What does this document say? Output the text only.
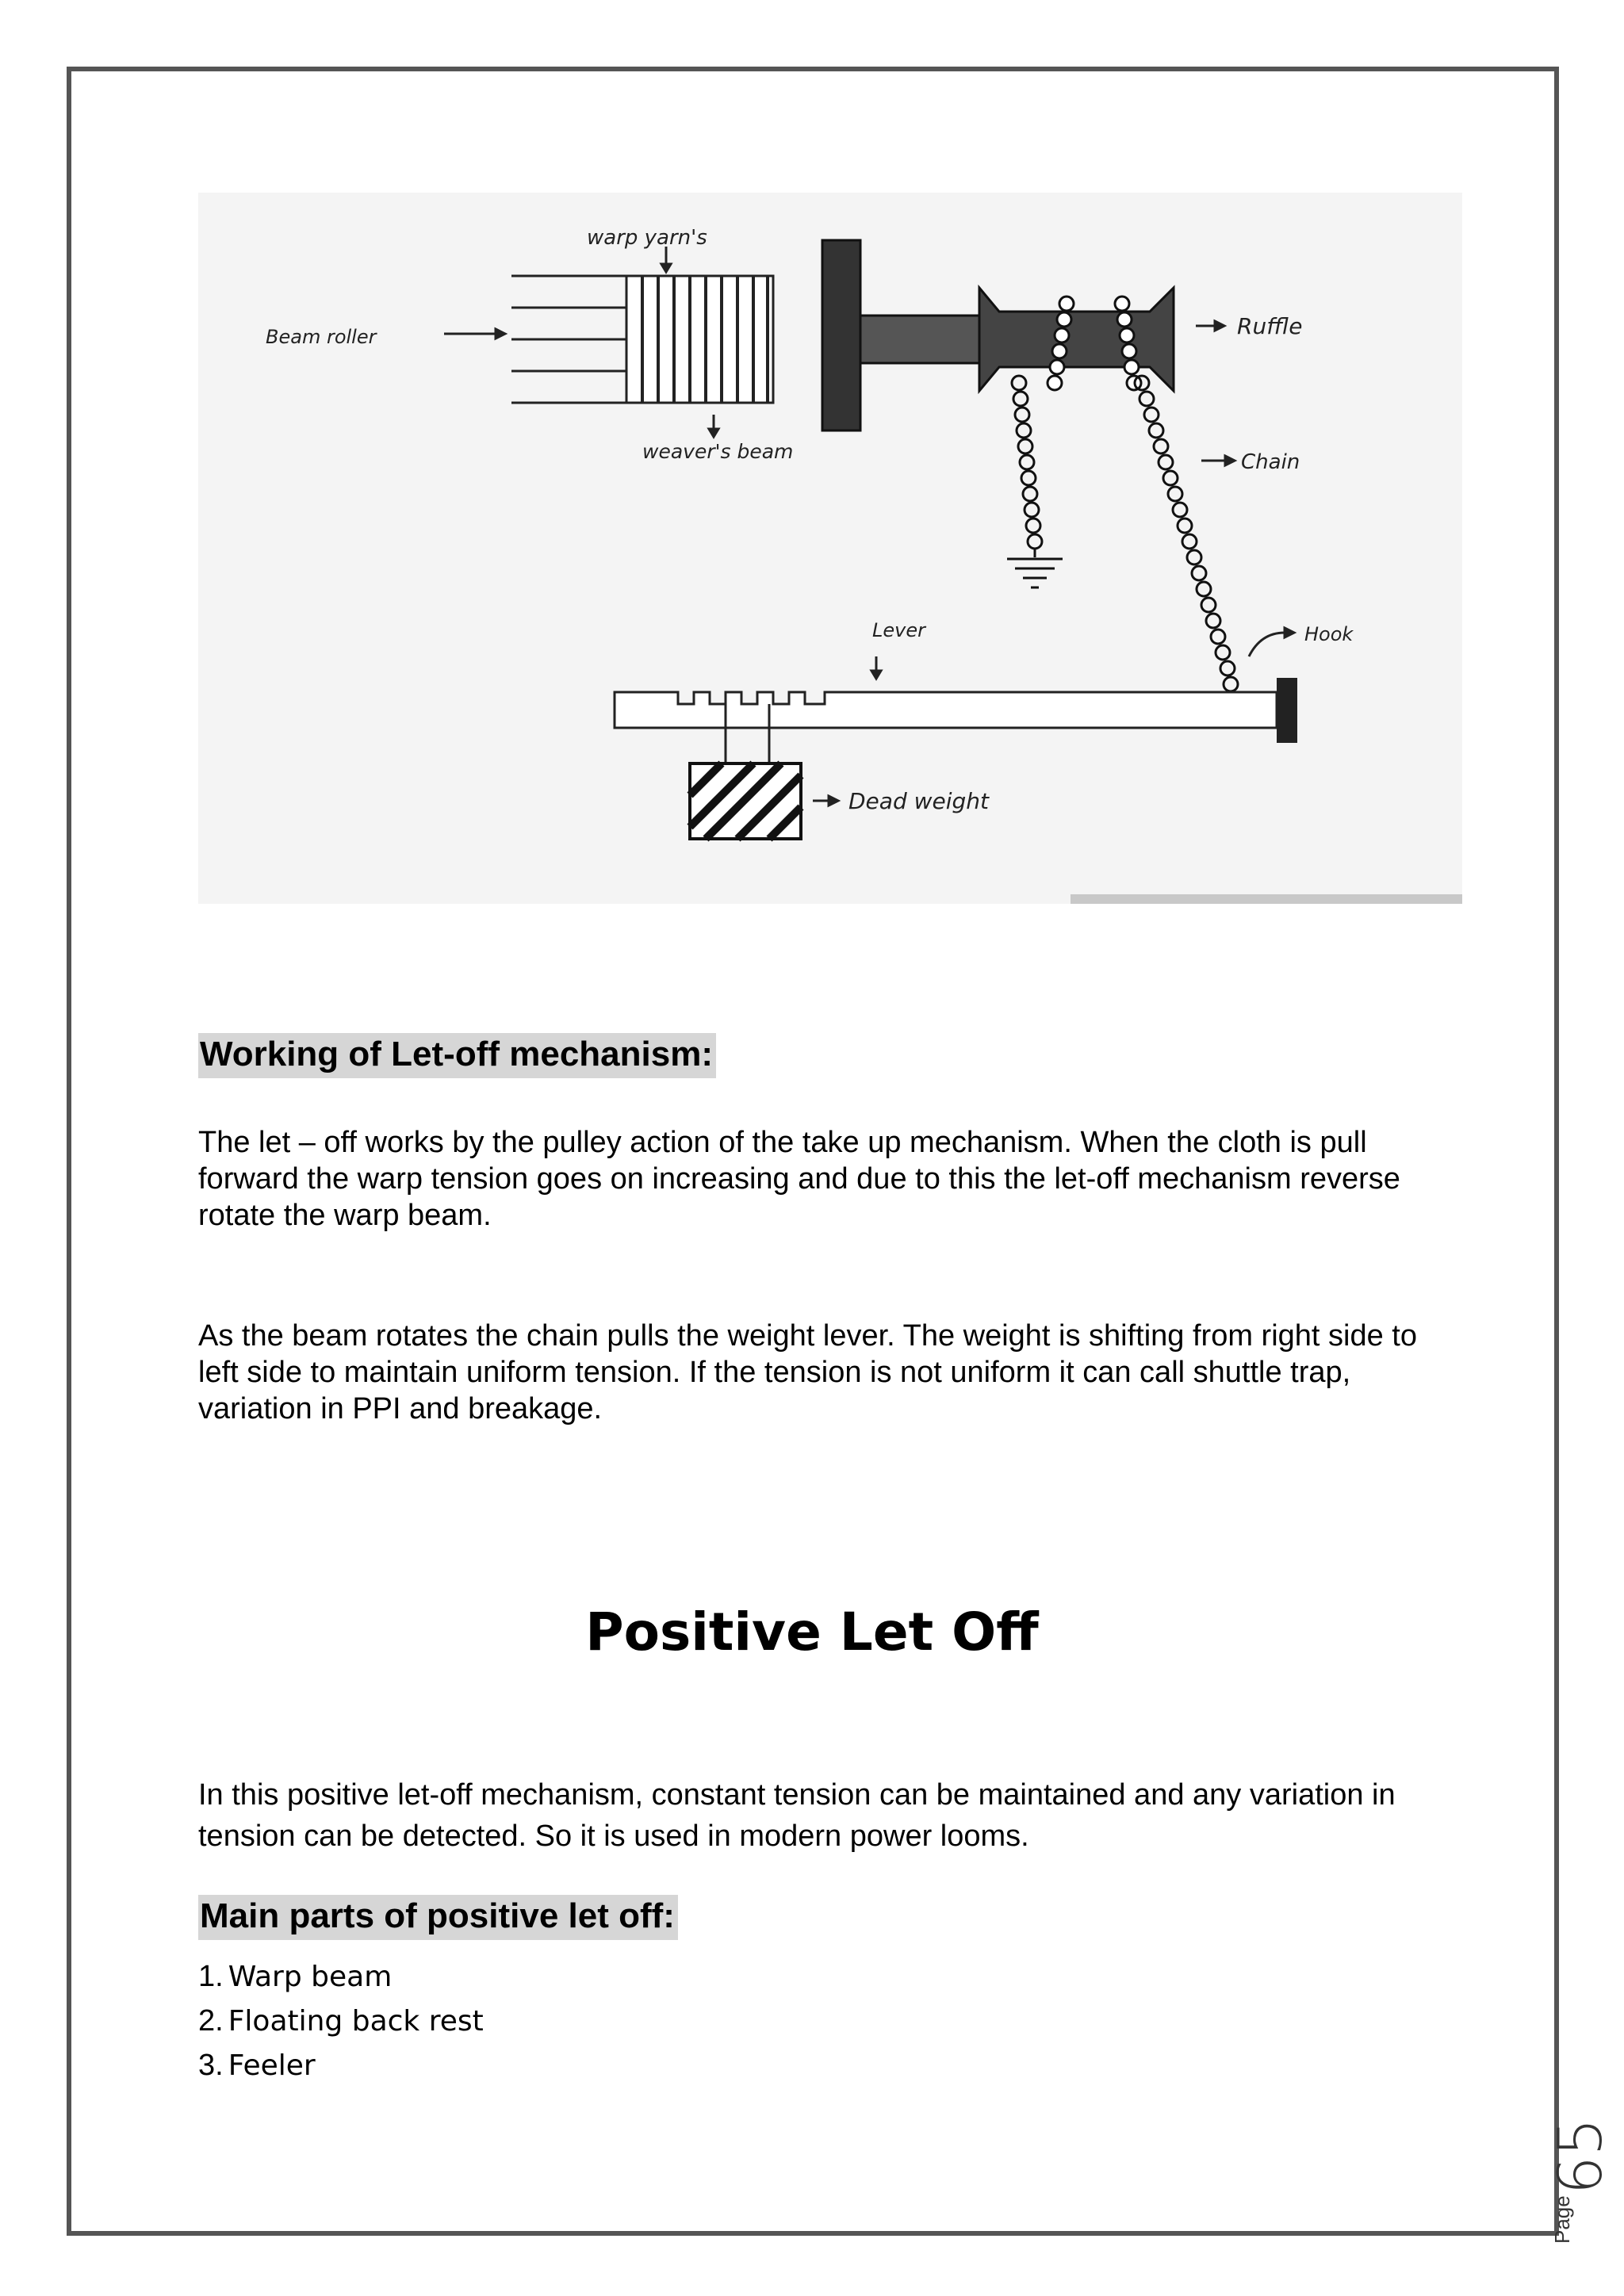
warp yarn's
Beam roller
weaver's beam
Ruffle
Chain
Lever	Hook
Dead weight
Working of Let-off mechanism:

The let – off works by the pulley action of the take up mechanism. When the cloth is pull forward the warp tension goes on increasing and due to this the let-off mechanism reverse rotate the warp beam.

As the beam rotates the chain pulls the weight lever. The weight is shifting from right side to left side to maintain uniform tension. If the tension is not uniform it can call shuttle trap, variation in PPI and breakage.

Positive Let Off

In this positive let-off mechanism, constant tension can be maintained and any variation in tension can be detected. So it is used in modern power looms.

Main parts of positive let off:
1. Warp beam
2. Floating back rest
3. Feeler
Page
65
